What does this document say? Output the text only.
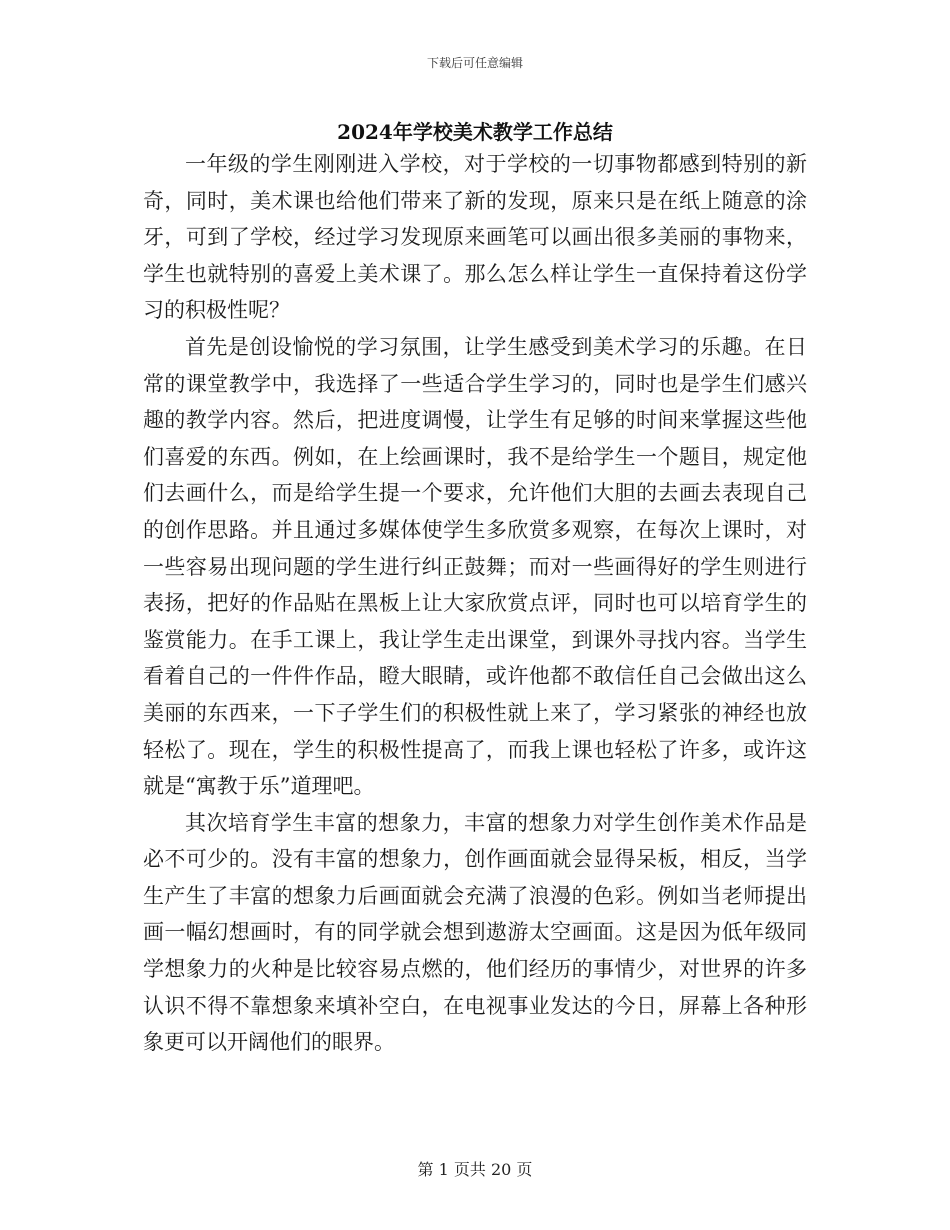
下载后可任意编辑
2024年学校美术教学工作总结

一年级的学生刚刚进入学校，对于学校的一切事物都感到特别的新奇，同时，美术课也给他们带来了新的发现，原来只是在纸上随意的涂牙，可到了学校，经过学习发现原来画笔可以画出很多美丽的事物来，学生也就特别的喜爱上美术课了。那么怎么样让学生一直保持着这份学习的积极性呢？

首先是创设愉悦的学习氛围，让学生感受到美术学习的乐趣。在日常的课堂教学中，我选择了一些适合学生学习的，同时也是学生们感兴趣的教学内容。然后，把进度调慢，让学生有足够的时间来掌握这些他们喜爱的东西。例如，在上绘画课时，我不是给学生一个题目，规定他们去画什么，而是给学生提一个要求，允许他们大胆的去画去表现自己的创作思路。并且通过多媒体使学生多欣赏多观察，在每次上课时，对一些容易出现问题的学生进行纠正鼓舞；而对一些画得好的学生则进行表扬，把好的作品贴在黑板上让大家欣赏点评，同时也可以培育学生的鉴赏能力。在手工课上，我让学生走出课堂，到课外寻找内容。当学生看着自己的一件件作品，瞪大眼睛，或许他都不敢信任自己会做出这么美丽的东西来，一下子学生们的积极性就上来了，学习紧张的神经也放轻松了。现在，学生的积极性提高了，而我上课也轻松了许多，或许这就是“寓教于乐”道理吧。

其次培育学生丰富的想象力，丰富的想象力对学生创作美术作品是必不可少的。没有丰富的想象力，创作画面就会显得呆板，相反，当学生产生了丰富的想象力后画面就会充满了浪漫的色彩。例如当老师提出画一幅幻想画时，有的同学就会想到遨游太空画面。这是因为低年级同学想象力的火种是比较容易点燃的，他们经历的事情少，对世界的许多认识不得不靠想象来填补空白，在电视事业发达的今日，屏幕上各种形象更可以开阔他们的眼界。

第 1 页共 20 页
